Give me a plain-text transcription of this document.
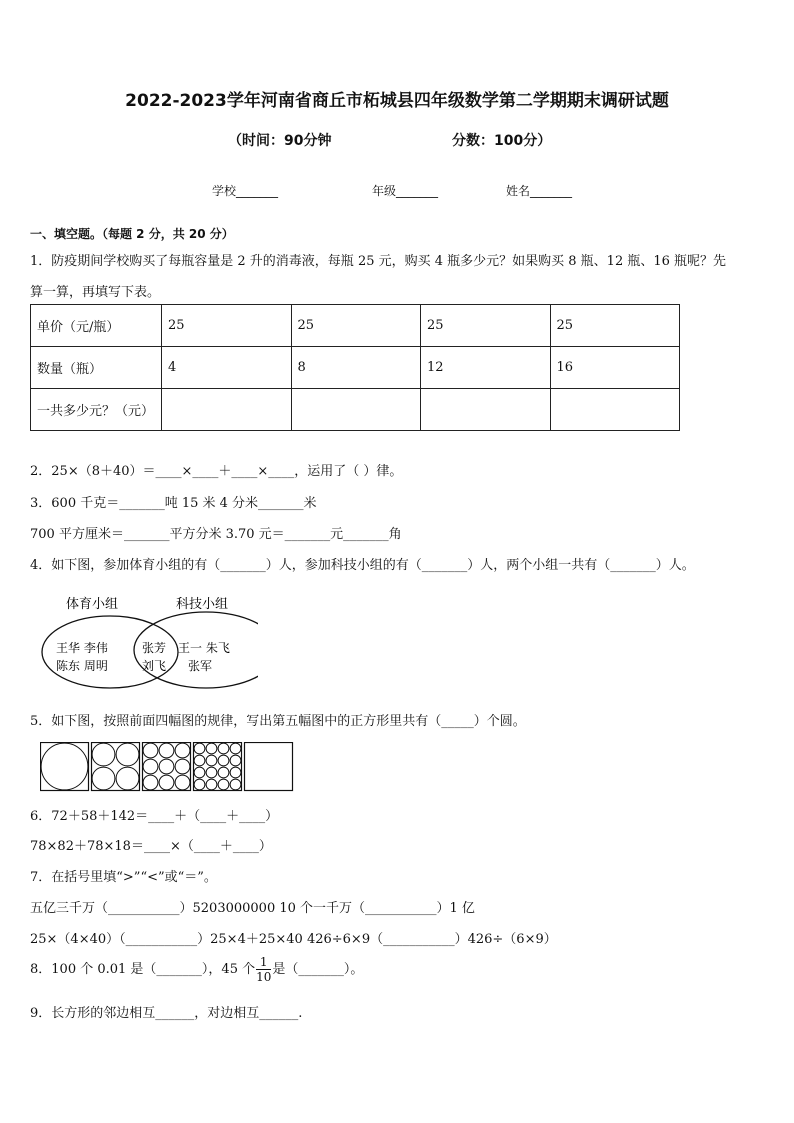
2022-2023学年河南省商丘市柘城县四年级数学第二学期期末调研试题
（时间：90分钟	分数：100分）
学校_______	年级_______	姓名_______
一、填空题。（每题 2 分，共 20 分）
1．防疫期间学校购买了每瓶容量是 2 升的消毒液，每瓶 25 元，购买 4 瓶多少元？如果购买 8 瓶、12 瓶、16 瓶呢？先
算一算，再填写下表。
单价（元/瓶）	25	25	25	25
数量（瓶）	4	8	12	16
一共多少元？（元）				
2．25×（8＋40）＝____×____＋____×____，运用了（ ）律。
3．600 千克＝_______吨 15 米 4 分米_______米
700 平方厘米＝_______平方分米 3.70 元＝_______元_______角
4．如下图，参加体育小组的有（_______）人，参加科技小组的有（_______）人，两个小组一共有（_______）人。
体育小组	科技小组
王华 李伟
陈东 周明
张芳
刘飞
王一 朱飞
张军
5．如下图，按照前面四幅图的规律，写出第五幅图中的正方形里共有（_____）个圆。
6．72＋58＋142＝____＋（____＋____）
78×82＋78×18＝____×（____＋____）
7．在括号里填“>”“<”或“＝”。
五亿三千万（___________）5203000000 10 个一千万（___________）1 亿
25×（4×40）（___________）25×4＋25×40 426÷6×9（___________）426÷（6×9）
8．100 个 0.01 是（_______），45 个 $\frac{1}{10}$ 是（_______）。
9．长方形的邻边相互______，对边相互______.
